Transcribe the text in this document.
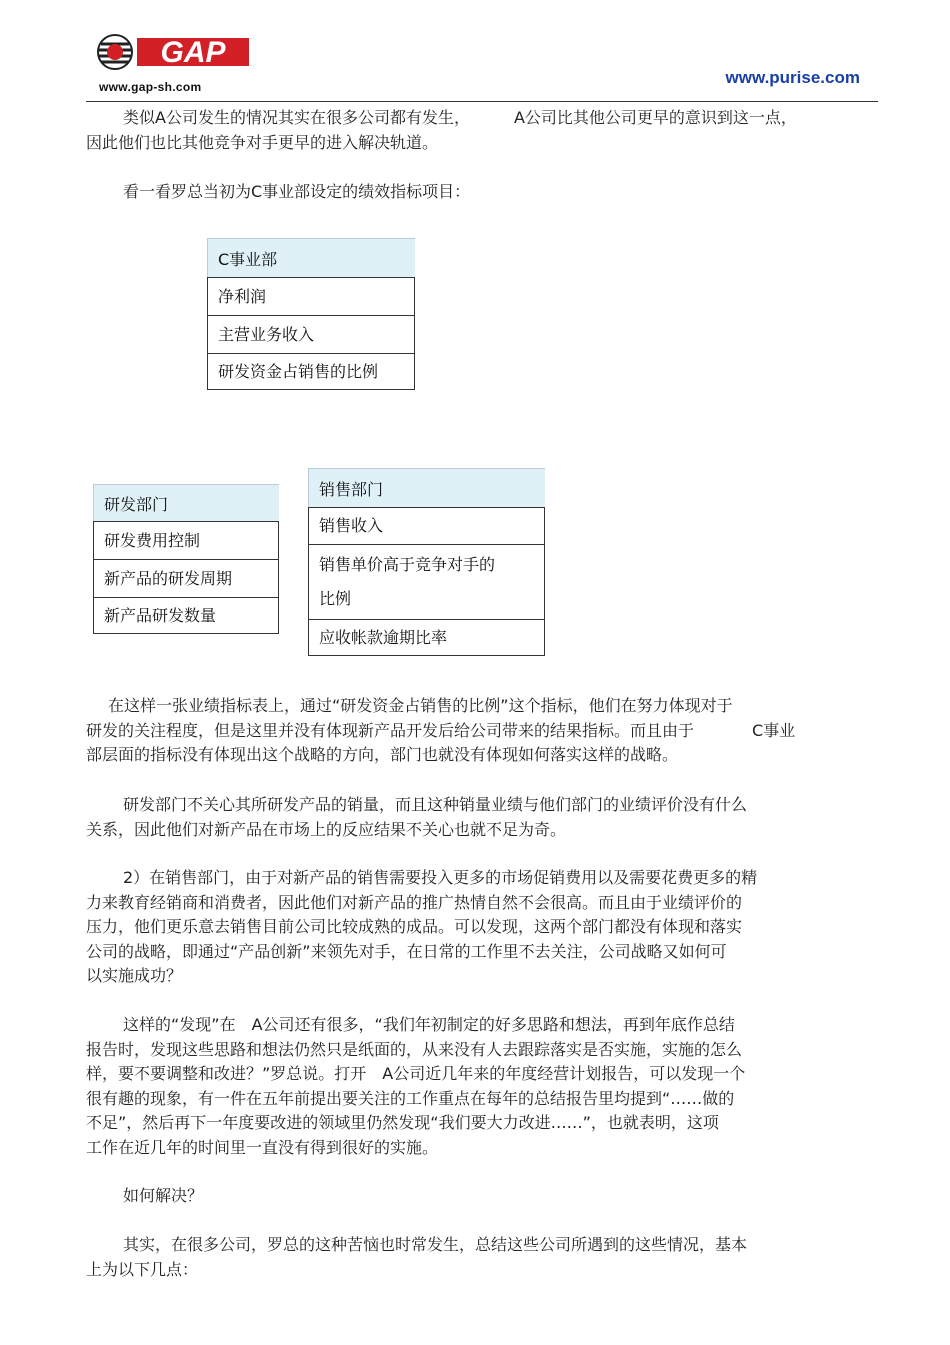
GAP
www.gap-sh.com	www.purise.com
类似A公司发生的情况其实在很多公司都有发生，	A公司比其他公司更早的意识到这一点，
因此他们也比其他竞争对手更早的进入解决轨道。
看一看罗总当初为C事业部设定的绩效指标项目：
C事业部
净利润
主营业务收入
研发资金占销售的比例
研发部门
研发费用控制
新产品的研发周期
新产品研发数量
销售部门
销售收入
销售单价高于竞争对手的
比例
应收帐款逾期比率
在这样一张业绩指标表上，通过“研发资金占销售的比例”这个指标，他们在努力体现对于
研发的关注程度，但是这里并没有体现新产品开发后给公司带来的结果指标。而且由于	C事业
部层面的指标没有体现出这个战略的方向，部门也就没有体现如何落实这样的战略。
研发部门不关心其所研发产品的销量，而且这种销量业绩与他们部门的业绩评价没有什么
关系，因此他们对新产品在市场上的反应结果不关心也就不足为奇。
2）在销售部门，由于对新产品的销售需要投入更多的市场促销费用以及需要花费更多的精
力来教育经销商和消费者，因此他们对新产品的推广热情自然不会很高。而且由于业绩评价的
压力，他们更乐意去销售目前公司比较成熟的成品。可以发现，这两个部门都没有体现和落实
公司的战略，即通过“产品创新”来领先对手，在日常的工作里不去关注，公司战略又如何可
以实施成功？
这样的“发现”在 A公司还有很多，“我们年初制定的好多思路和想法，再到年底作总结
报告时，发现这些思路和想法仍然只是纸面的，从来没有人去跟踪落实是否实施，实施的怎么
样，要不要调整和改进？”罗总说。打开 A公司近几年来的年度经营计划报告，可以发现一个
很有趣的现象，有一件在五年前提出要关注的工作重点在每年的总结报告里均提到“……做的
不足”，然后再下一年度要改进的领域里仍然发现“我们要大力改进……”，也就表明，这项
工作在近几年的时间里一直没有得到很好的实施。
如何解决？
其实，在很多公司，罗总的这种苦恼也时常发生，总结这些公司所遇到的这些情况，基本
上为以下几点：
